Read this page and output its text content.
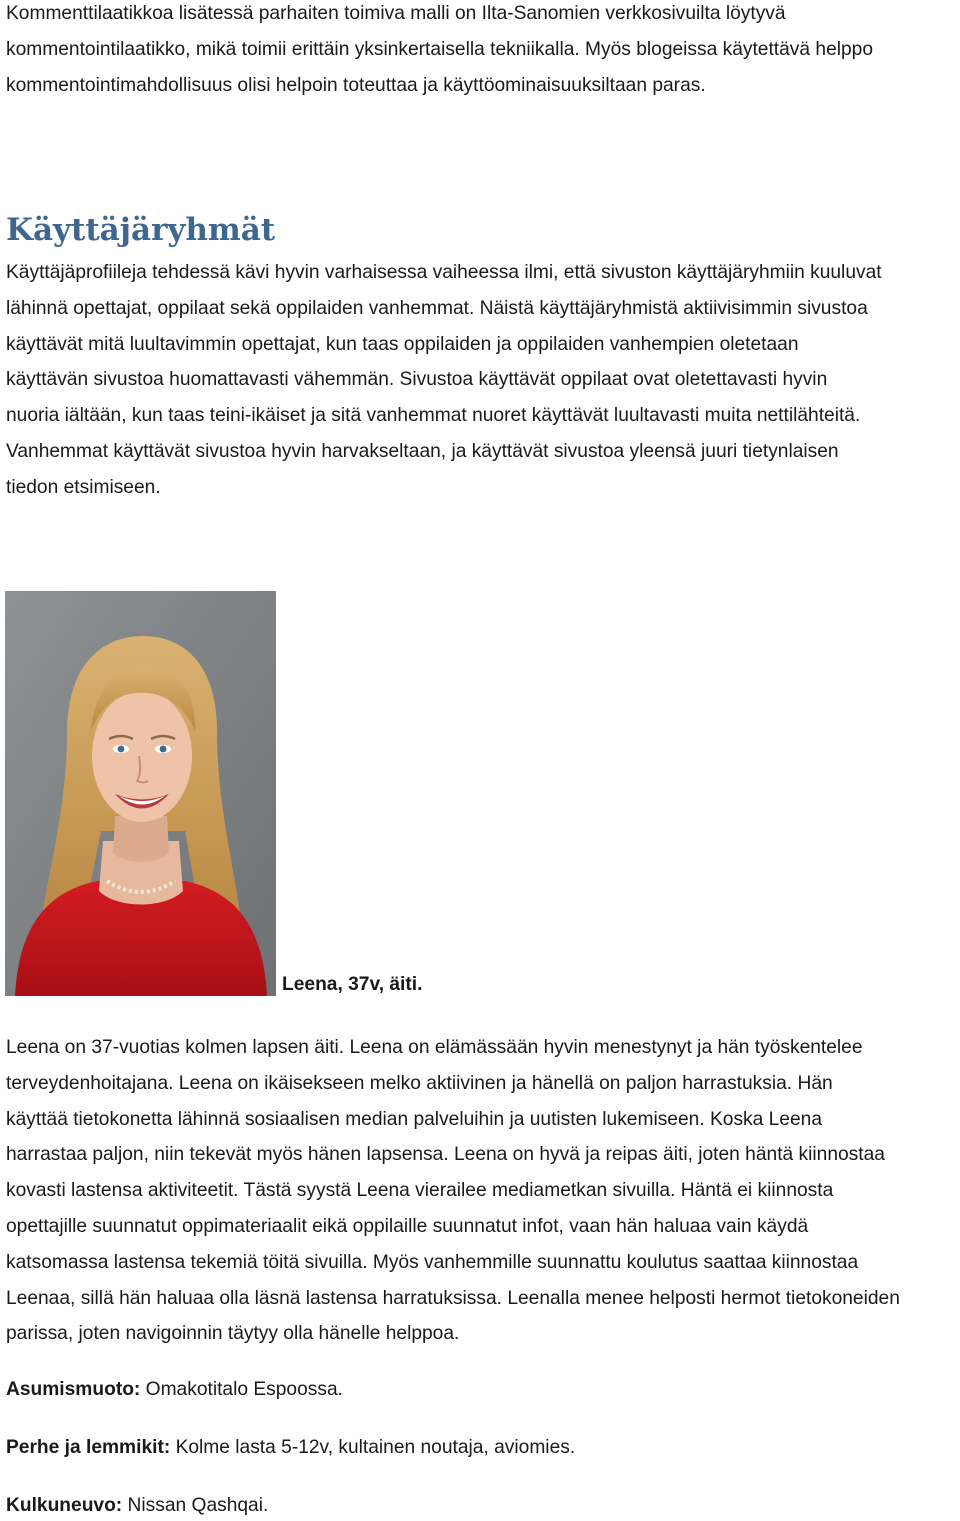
Kommenttilaatikkoa lisätessä parhaiten toimiva malli on Ilta-Sanomien verkkosivuilta löytyvä
kommentointilaatikko, mikä toimii erittäin yksinkertaisella tekniikalla. Myös blogeissa käytettävä helppo
kommentointimahdollisuus olisi helpoin toteuttaa ja käyttöominaisuuksiltaan paras.
Käyttäjäryhmät
Käyttäjäprofiileja tehdessä kävi hyvin varhaisessa vaiheessa ilmi, että sivuston käyttäjäryhmiin kuuluvat
lähinnä opettajat, oppilaat sekä oppilaiden vanhemmat. Näistä käyttäjäryhmistä aktiivisimmin sivustoa
käyttävät mitä luultavimmin opettajat, kun taas oppilaiden ja oppilaiden vanhempien oletetaan
käyttävän sivustoa huomattavasti vähemmän. Sivustoa käyttävät oppilaat ovat oletettavasti hyvin
nuoria iältään, kun taas teini-ikäiset ja sitä vanhemmat nuoret käyttävät luultavasti muita nettilähteitä.
Vanhemmat käyttävät sivustoa hyvin harvakseltaan, ja käyttävät sivustoa yleensä juuri tietynlaisen
tiedon etsimiseen.

Leena, 37v, äiti.

Leena on 37-vuotias kolmen lapsen äiti. Leena on elämässään hyvin menestynyt ja hän työskentelee
terveydenhoitajana. Leena on ikäisekseen melko aktiivinen ja hänellä on paljon harrastuksia. Hän
käyttää tietokonetta lähinnä sosiaalisen median palveluihin ja uutisten lukemiseen. Koska Leena
harrastaa paljon, niin tekevät myös hänen lapsensa. Leena on hyvä ja reipas äiti, joten häntä kiinnostaa
kovasti lastensa aktiviteetit. Tästä syystä Leena vierailee mediametkan sivuilla. Häntä ei kiinnosta
opettajille suunnatut oppimateriaalit eikä oppilaille suunnatut infot, vaan hän haluaa vain käydä
katsomassa lastensa tekemiä töitä sivuilla. Myös vanhemmille suunnattu koulutus saattaa kiinnostaa
Leenaa, sillä hän haluaa olla läsnä lastensa harratuksissa. Leenalla menee helposti hermot tietokoneiden
parissa, joten navigoinnin täytyy olla hänelle helppoa.

Asumismuoto: Omakotitalo Espoossa.

Perhe ja lemmikit: Kolme lasta 5-12v, kultainen noutaja, aviomies.

Kulkuneuvo: Nissan Qashqai.
